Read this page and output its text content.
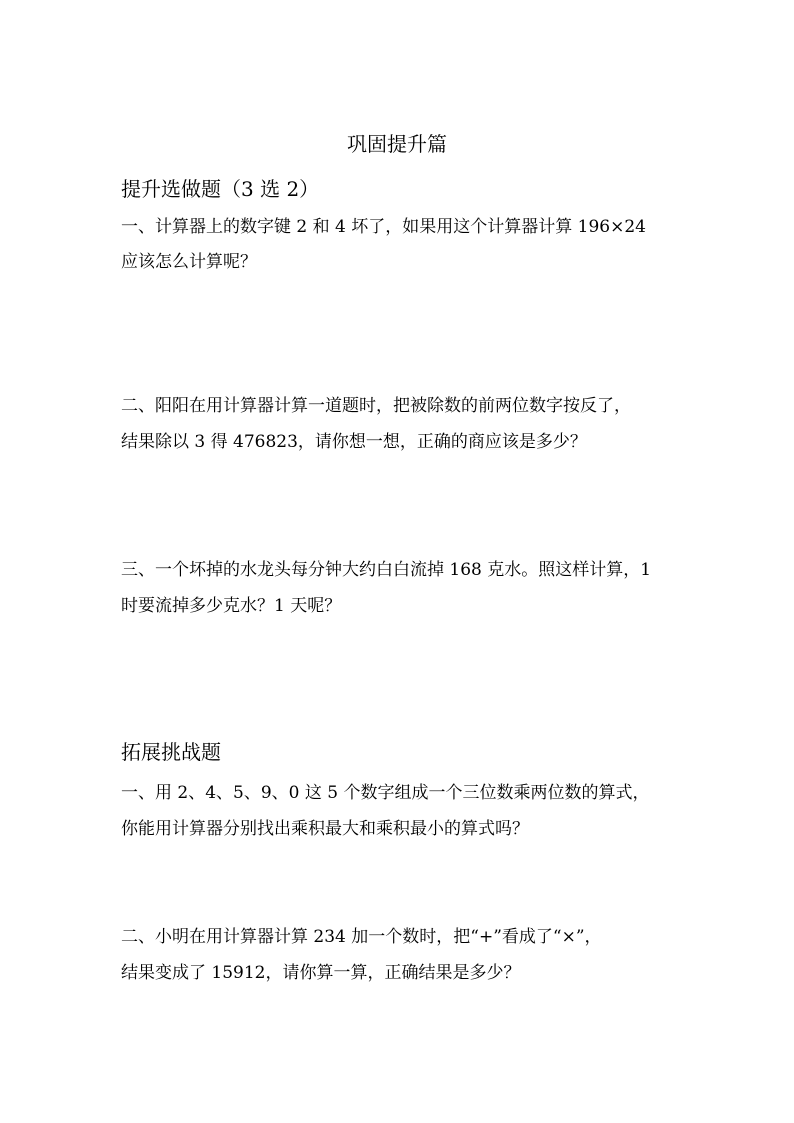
巩固提升篇
提升选做题（3 选 2）
一、计算器上的数字键 2 和 4 坏了，如果用这个计算器计算 196×24
应该怎么计算呢？
二、阳阳在用计算器计算一道题时，把被除数的前两位数字按反了，
结果除以 3 得 476823，请你想一想，正确的商应该是多少？
三、一个坏掉的水龙头每分钟大约白白流掉 168 克水。照这样计算，1
时要流掉多少克水？1 天呢？
拓展挑战题
一、用 2、4、5、9、0 这 5 个数字组成一个三位数乘两位数的算式，
你能用计算器分别找出乘积最大和乘积最小的算式吗？
二、小明在用计算器计算 234 加一个数时，把“+”看成了“×”，
结果变成了 15912，请你算一算，正确结果是多少？
